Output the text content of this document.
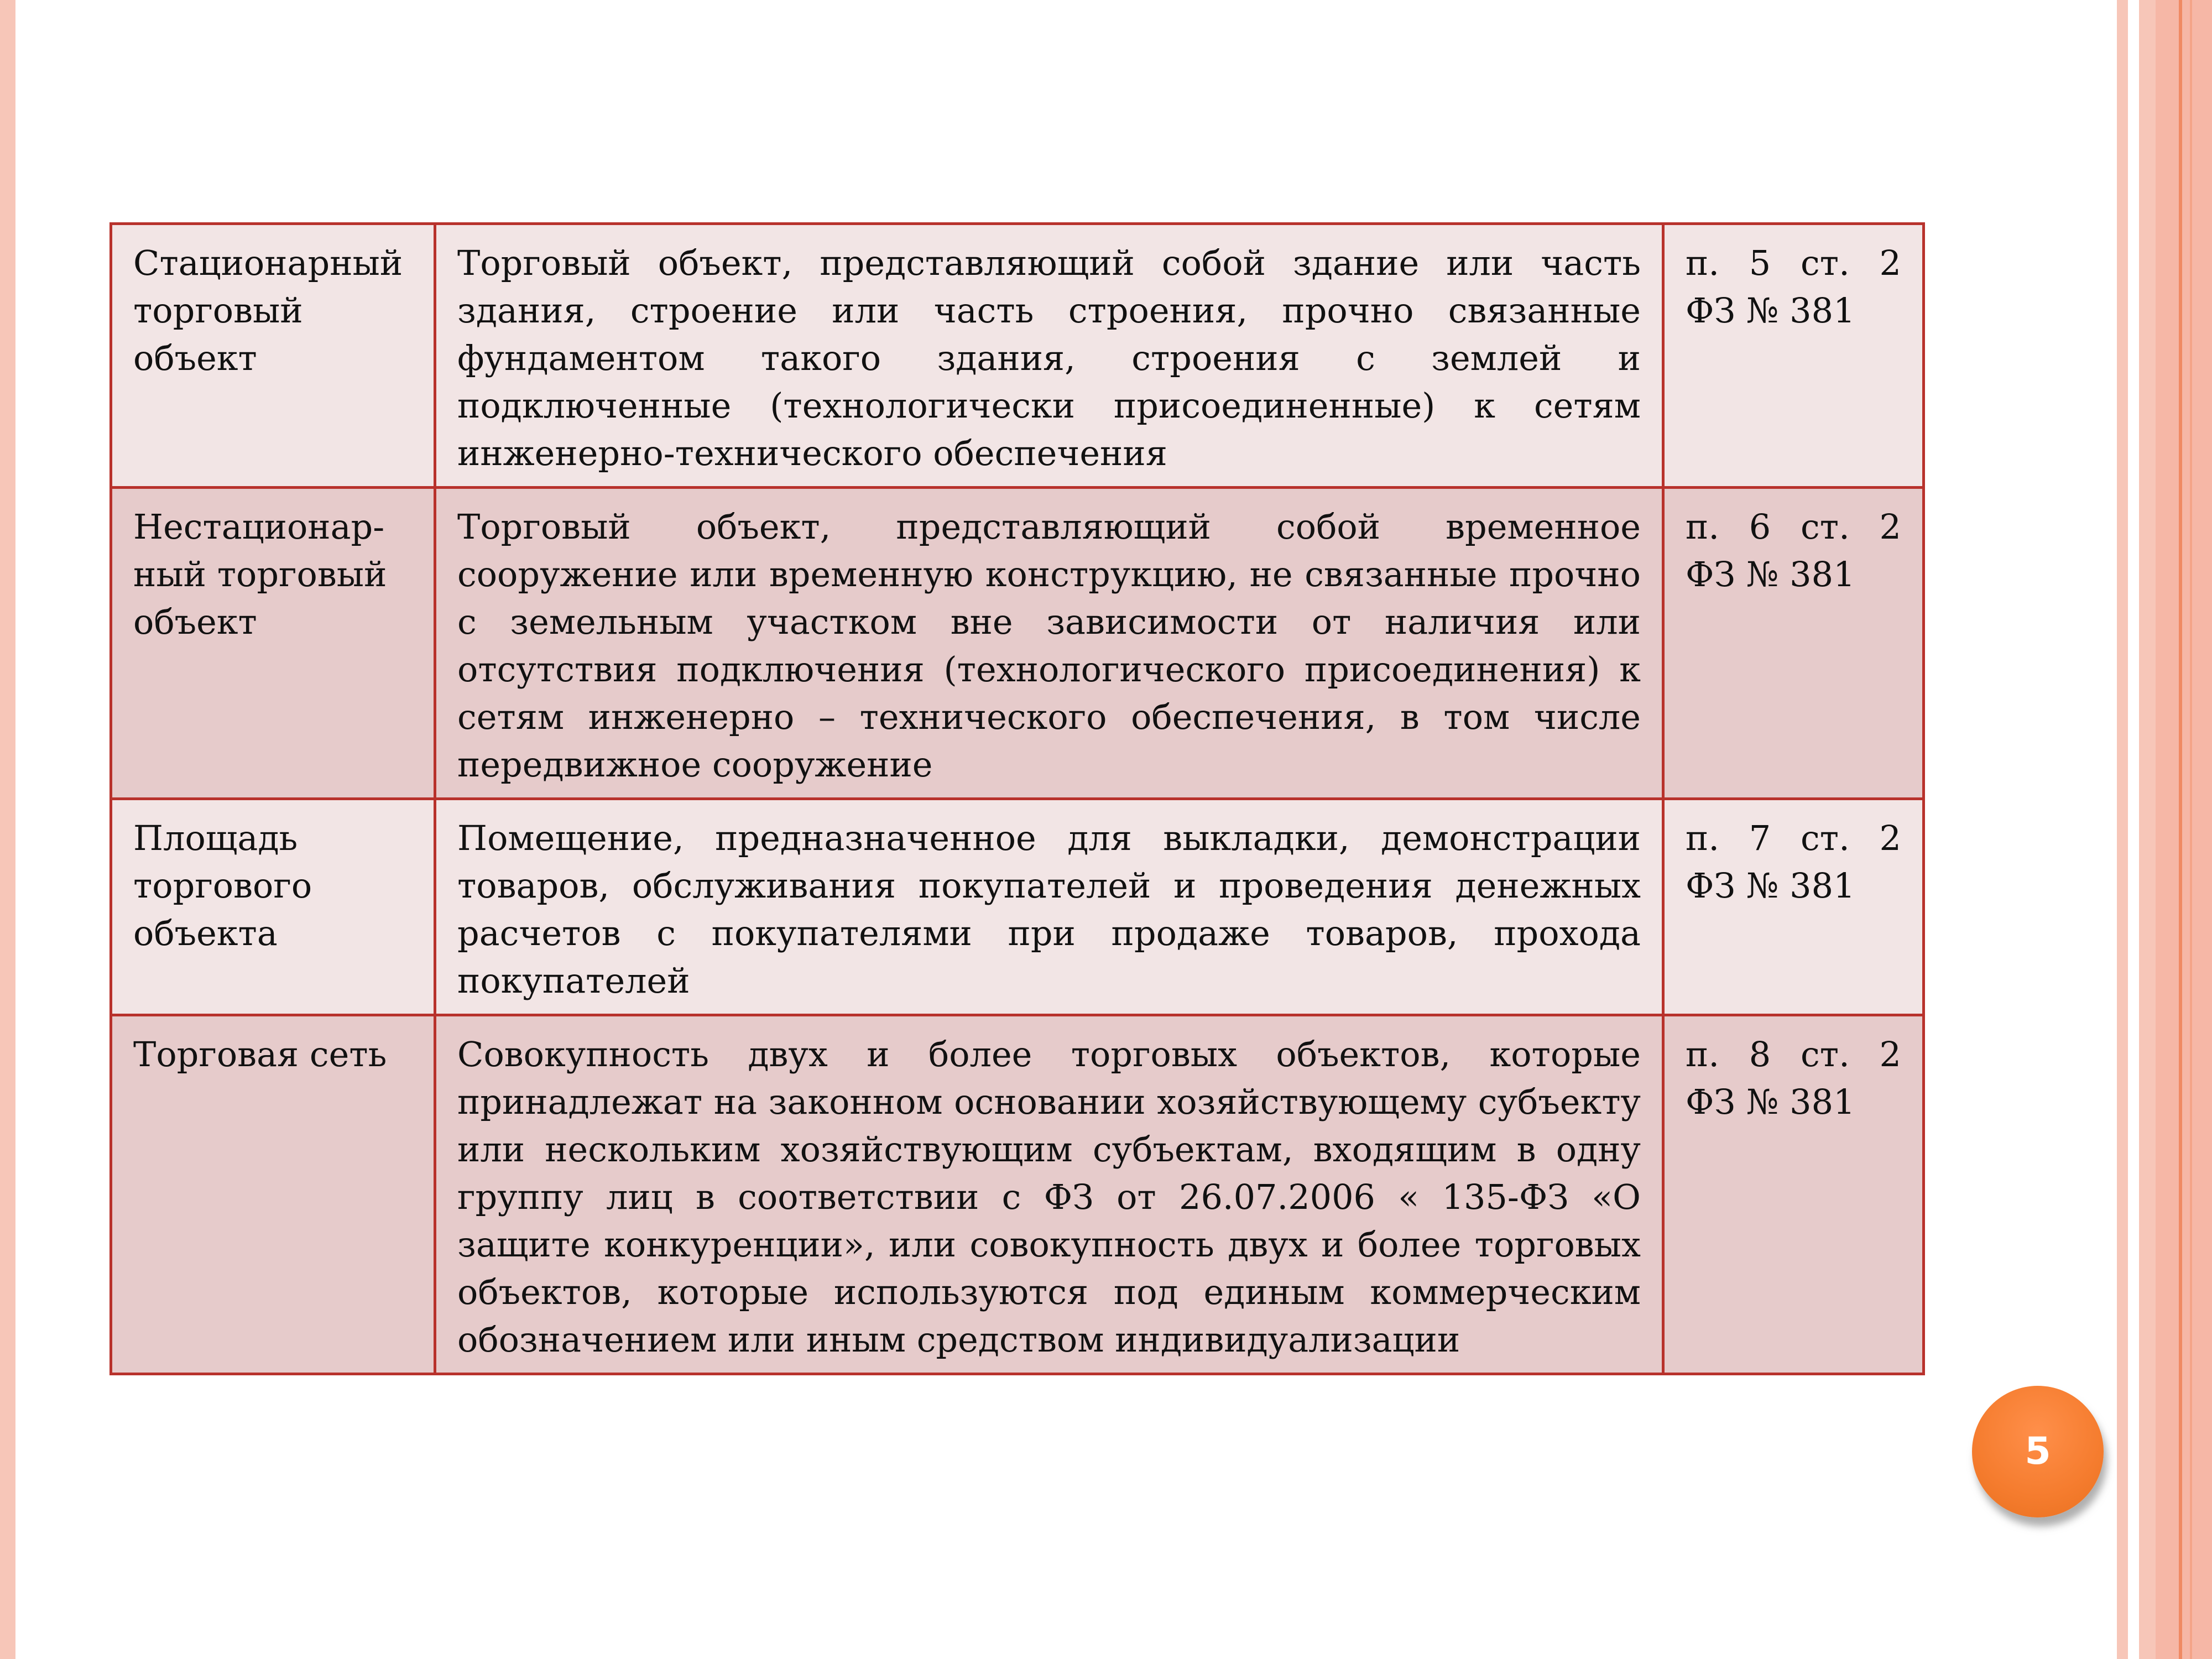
Стационарный торговый объект	Торговый объект, представляющий собой здание или часть здания, строение или часть строения, прочно связанные фундаментом такого здания, строения с землей и подключенные (технологически присоединенные) к сетям инженерно-технического обеспечения	п. 5 ст. 2 ФЗ № 381
Нестационар-ный торговый объект	Торговый объект, представляющий собой временное сооружение или временную конструкцию, не связанные прочно с земельным участком вне зависимости от наличия или отсутствия подключения (технологического присоединения) к сетям инженерно – технического обеспечения, в том числе передвижное сооружение	п. 6 ст. 2 ФЗ № 381
Площадь торгового объекта	Помещение, предназначенное для выкладки, демонстрации товаров, обслуживания покупателей и проведения денежных расчетов с покупателями при продаже товаров, прохода покупателей	п. 7 ст. 2 ФЗ № 381
Торговая сеть	Совокупность двух и более торговых объектов, которые принадлежат на законном основании хозяйствующему субъекту или нескольким хозяйствующим субъектам, входящим в одну группу лиц в соответствии с ФЗ от 26.07.2006 « 135-ФЗ «О защите конкуренции», или совокупность двух и более торговых объектов, которые используются под единым коммерческим обозначением или иным средством индивидуализации	п. 8 ст. 2 ФЗ № 381
5
